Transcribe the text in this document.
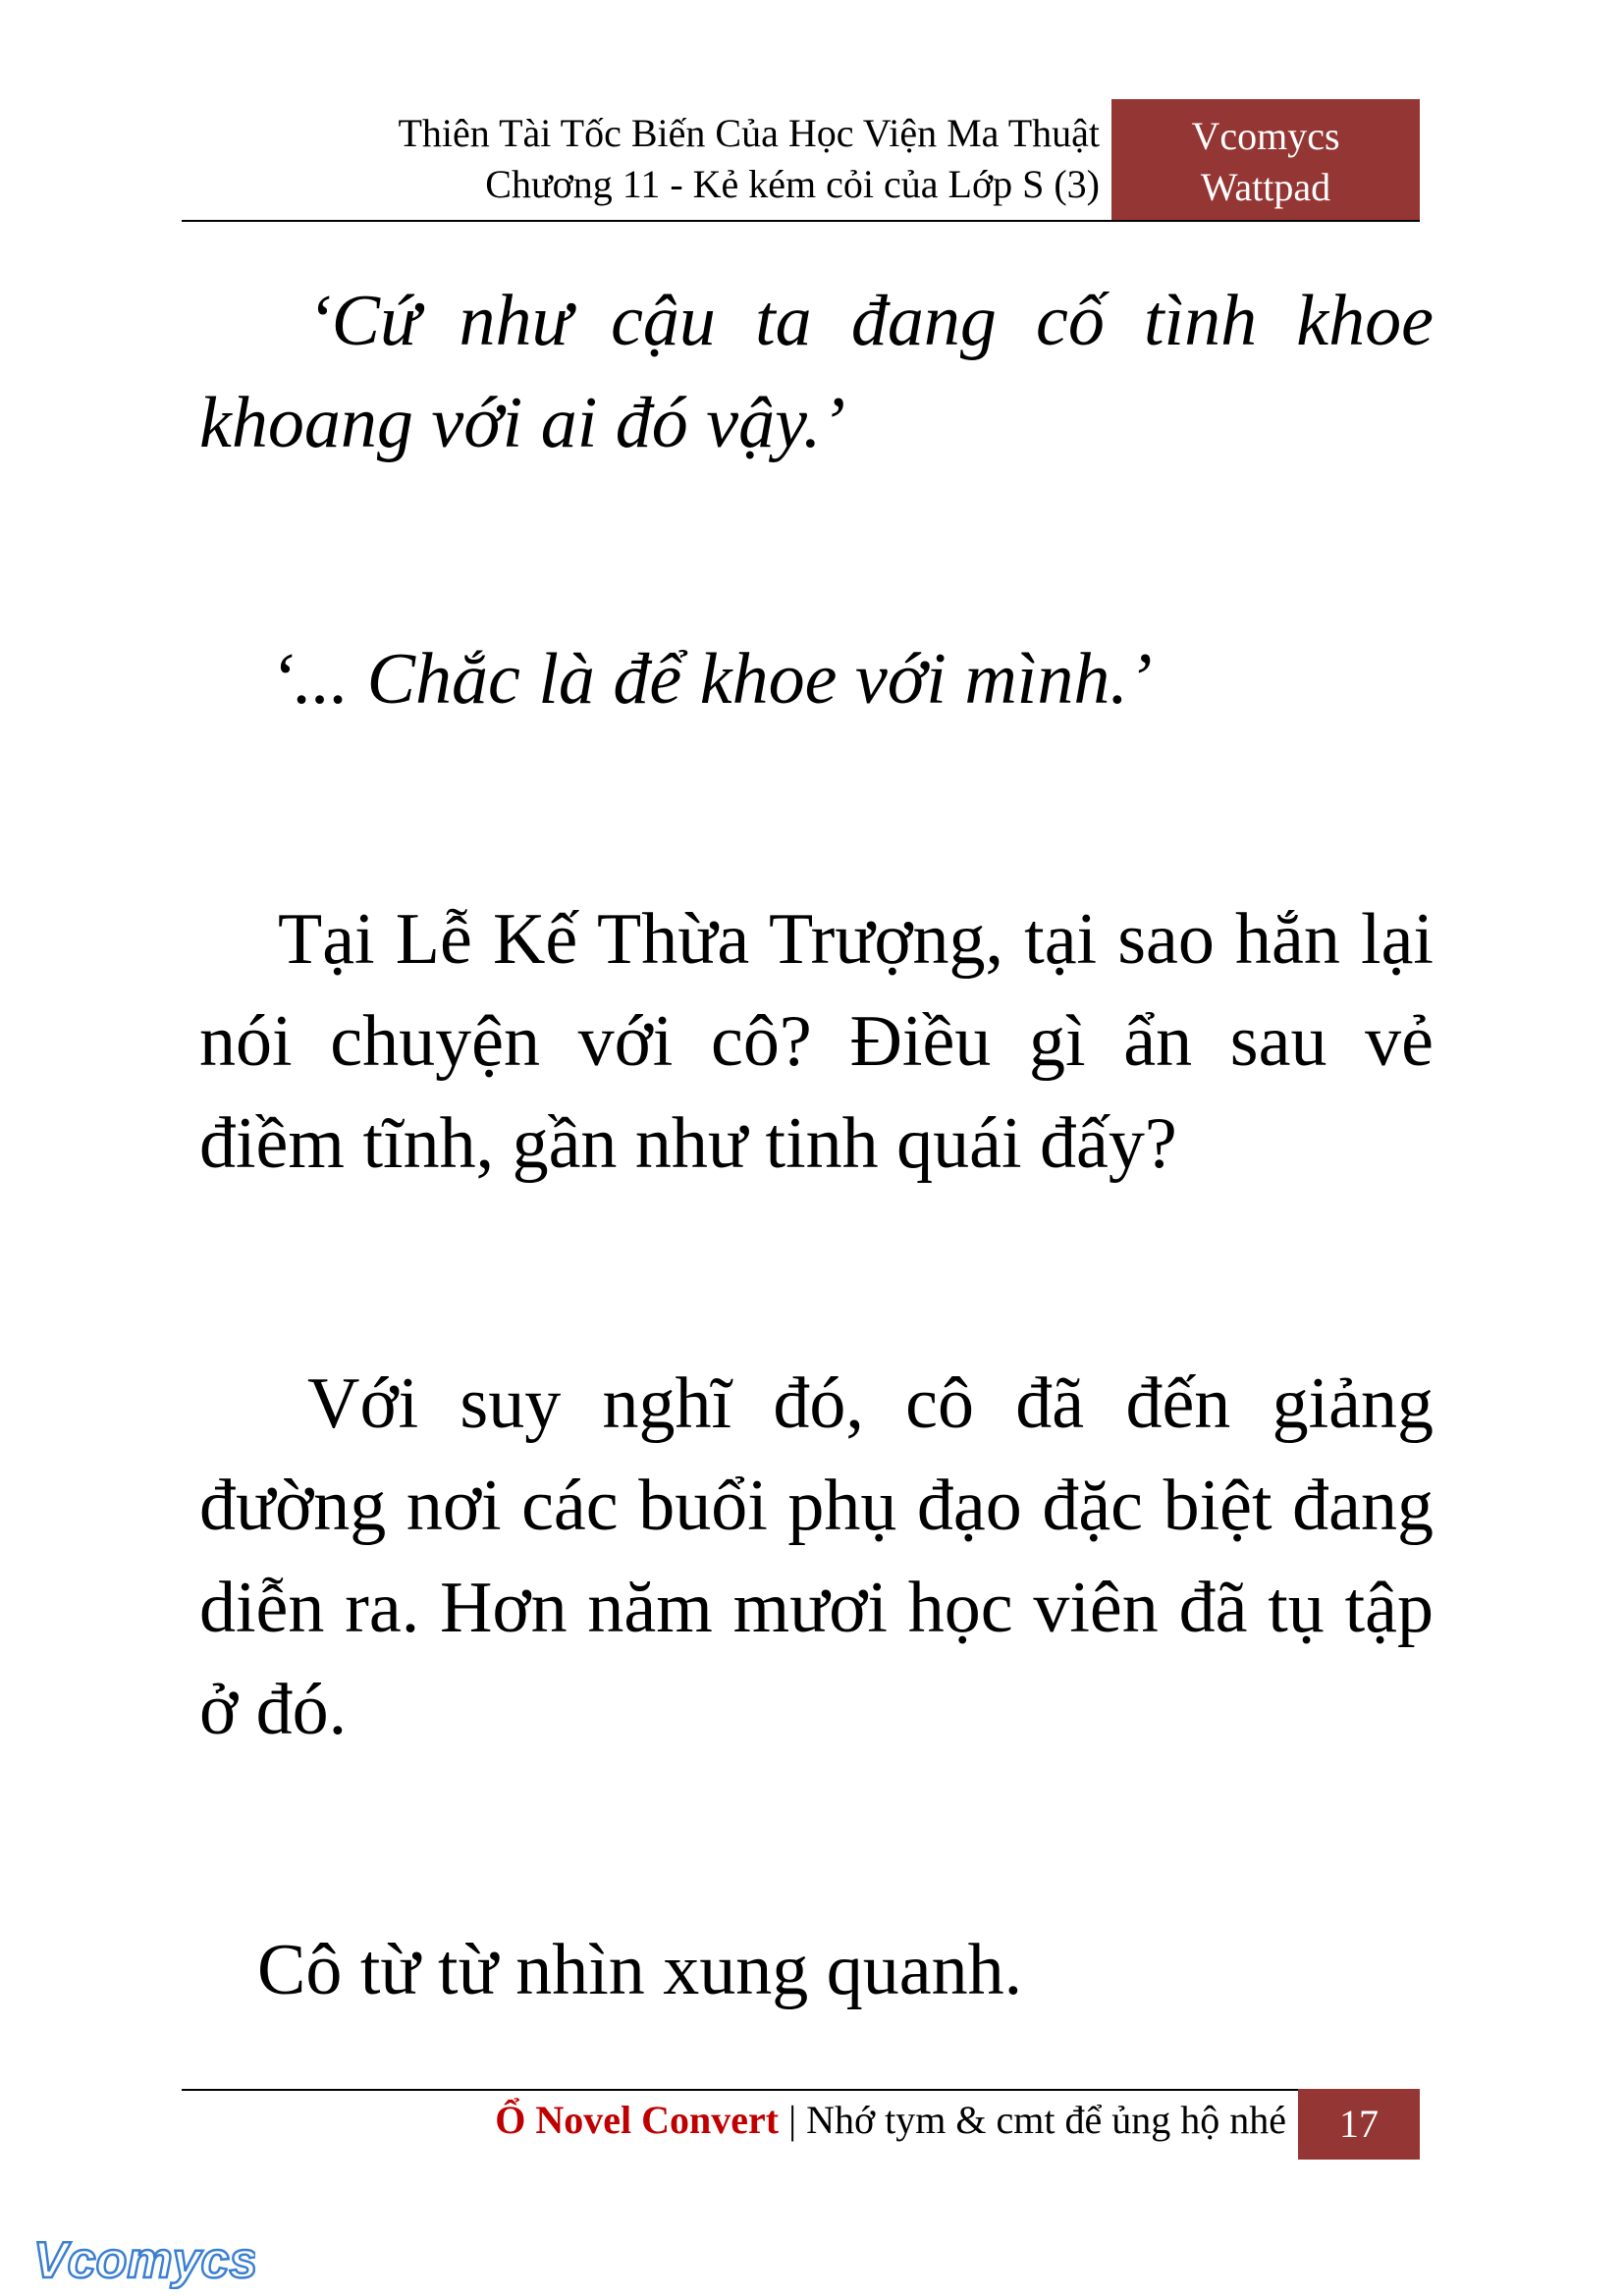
Thiên Tài Tốc Biến Của Học Viện Ma Thuật
Chương 11 - Kẻ kém cỏi của Lớp S (3)
Vcomycs
Wattpad

‘Cứ như cậu ta đang cố tình khoe khoang với ai đó vậy.’

‘... Chắc là để khoe với mình.’

Tại Lễ Kế Thừa Trượng, tại sao hắn lại nói chuyện với cô? Điều gì ẩn sau vẻ điềm tĩnh, gần như tinh quái đấy?

Với suy nghĩ đó, cô đã đến giảng đường nơi các buổi phụ đạo đặc biệt đang diễn ra. Hơn năm mươi học viên đã tụ tập ở đó.

Cô từ từ nhìn xung quanh.

Ổ Novel Convert | Nhớ tym & cmt để ủng hộ nhé	17
Vcomycs
